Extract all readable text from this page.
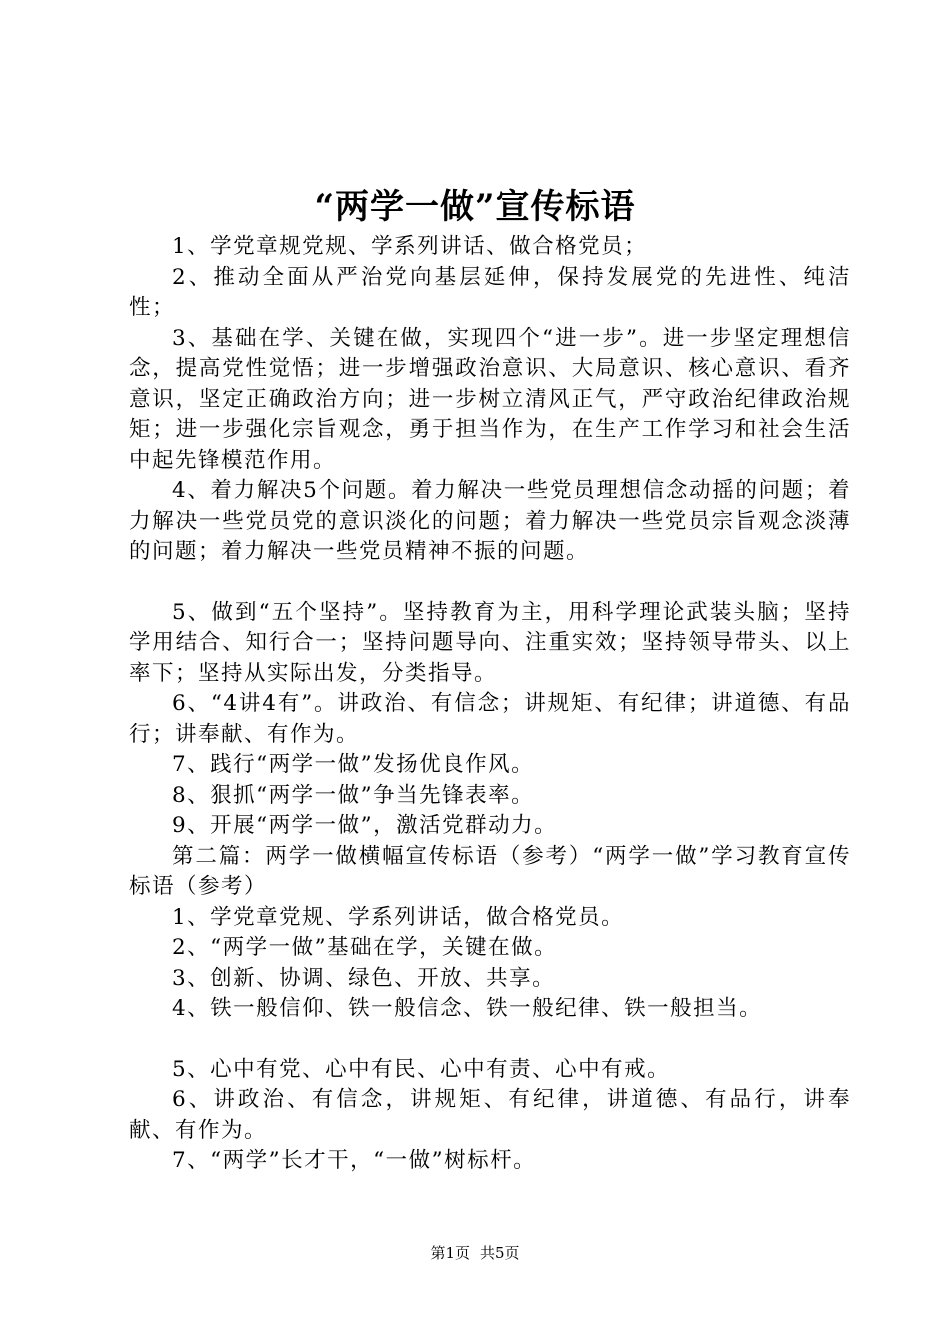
“两学一做”宣传标语

1、学党章规党规、学系列讲话、做合格党员；

2、推动全面从严治党向基层延伸，保持发展党的先进性、纯洁性；

3、基础在学、关键在做，实现四个“进一步”。进一步坚定理想信念，提高党性觉悟；进一步增强政治意识、大局意识、核心意识、看齐意识，坚定正确政治方向；进一步树立清风正气，严守政治纪律政治规矩；进一步强化宗旨观念，勇于担当作为，在生产工作学习和社会生活中起先锋模范作用。

4、着力解决5个问题。着力解决一些党员理想信念动摇的问题；着力解决一些党员党的意识淡化的问题；着力解决一些党员宗旨观念淡薄的问题；着力解决一些党员精神不振的问题。

5、做到“五个坚持”。坚持教育为主，用科学理论武装头脑；坚持学用结合、知行合一；坚持问题导向、注重实效；坚持领导带头、以上率下；坚持从实际出发，分类指导。

6、“4讲4有”。讲政治、有信念；讲规矩、有纪律；讲道德、有品行；讲奉献、有作为。

7、践行“两学一做”发扬优良作风。

8、狠抓“两学一做”争当先锋表率。

9、开展“两学一做”，激活党群动力。

第二篇：两学一做横幅宣传标语（参考）“两学一做”学习教育宣传标语（参考）

1、学党章党规、学系列讲话，做合格党员。

2、“两学一做”基础在学，关键在做。

3、创新、协调、绿色、开放、共享。

4、铁一般信仰、铁一般信念、铁一般纪律、铁一般担当。

5、心中有党、心中有民、心中有责、心中有戒。

6、讲政治、有信念，讲规矩、有纪律，讲道德、有品行，讲奉献、有作为。

7、“两学”长才干，“一做”树标杆。

第1页 共5页
